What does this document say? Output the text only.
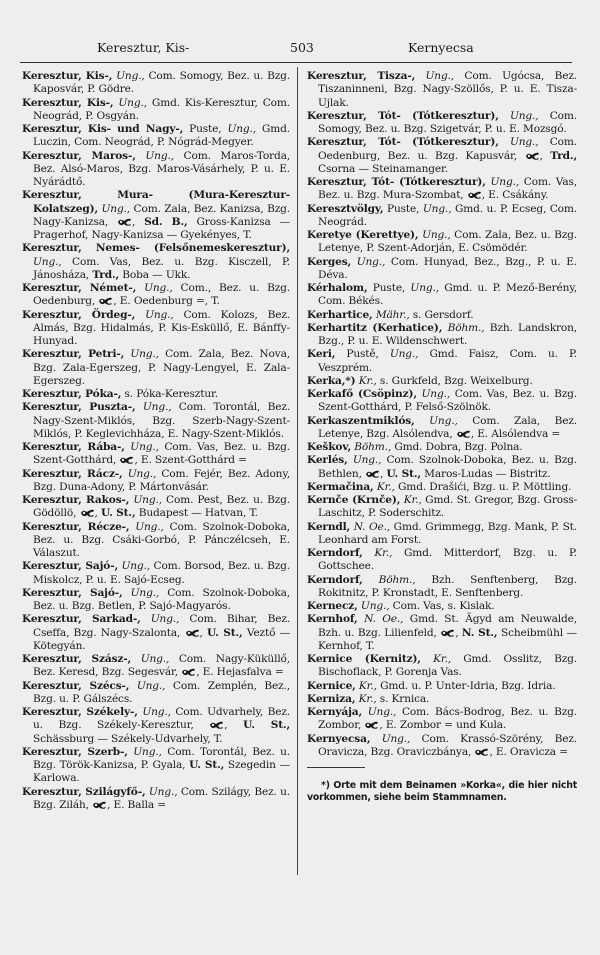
Keresztur, Kis-	503	Kernyecsa

Keresztur, Kis-, Ung., Com. Somogy, Bez. u. Bzg. Kaposvár, P. Gödre.

Keresztur, Kis-, Ung., Gmd. Kis-Keresztur, Com. Neográd, P. Osgyán.

Keresztur, Kis- und Nagy-, Puste, Ung., Gmd. Luczin, Com. Neográd, P. Nógrád-Megyer.

Keresztur, Maros-, Ung., Com. Maros-Torda, Bez. Alsó-Maros, Bzg. Maros-Vásárhely, P. u. E. Nyárádtő.

Keresztur, Mura- (Mura-Keresztur-Kolatszeg), Ung., Com. Zala, Bez. Kanizsa, Bzg. Nagy-Kanizsa, , Sd. B., Gross-Kanizsa — Pragerhof, Nagy-Kanizsa — Gyekényes, T.

Keresztur, Nemes- (Felsőnemeskeresztur), Ung., Com. Vas, Bez. u. Bzg. Kisczell, P. Jánosháza, Trd., Boba — Ukk.

Keresztur, Német-, Ung., Com., Bez. u. Bzg. Oedenburg, , E. Oedenburg =, T.

Keresztur, Ördeg-, Ung., Com. Kolozs, Bez. Almás, Bzg. Hidalmás, P. Kis-Esküllő, E. Bánffy-Hunyad.

Keresztur, Petri-, Ung., Com. Zala, Bez. Nova, Bzg. Zala-Egerszeg, P. Nagy-Lengyel, E. Zala-Egerszeg.

Keresztur, Póka-, s. Póka-Keresztur.

Keresztur, Puszta-, Ung., Com. Torontál, Bez. Nagy-Szent-Miklós, Bzg. Szerb-Nagy-Szent-Miklós, P. Keglevichháza, E. Nagy-Szent-Miklós.

Keresztur, Rába-, Ung., Com. Vas, Bez. u. Bzg. Szent-Gotthárd, , E. Szent-Gotthárd =

Keresztur, Rácz-, Ung., Com. Fejér, Bez. Adony, Bzg. Duna-Adony, P. Mártonvásár.

Keresztur, Rakos-, Ung., Com. Pest, Bez. u. Bzg. Gödöllö, , U. St., Budapest — Hatvan, T.

Keresztur, Récze-, Ung., Com. Szolnok-Doboka, Bez. u. Bzg. Csáki-Gorbó, P. Pánczélcseh, E. Válaszut.

Keresztur, Sajó-, Ung., Com. Borsod, Bez. u. Bzg. Miskolcz, P. u. E. Sajó-Ecseg.

Keresztur, Sajó-, Ung., Com. Szolnok-Doboka, Bez. u. Bzg. Betlen, P. Sajó-Magyarós.

Keresztur, Sarkad-, Ung., Com. Bihar, Bez. Cseffa, Bzg. Nagy-Szalonta, , U. St., Veztő — Kötegyán.

Keresztur, Szász-, Ung., Com. Nagy-Küküllő, Bez. Keresd, Bzg. Segesvár, , E. Hejasfalva =

Keresztur, Szécs-, Ung., Com. Zemplén, Bez., Bzg. u. P. Gálszécs.

Keresztur, Székely-, Ung., Com. Udvarhely, Bez. u. Bzg. Székely-Keresztur, , U. St., Schässburg — Székely-Udvarhely, T.

Keresztur, Szerb-, Ung., Com. Torontál, Bez. u. Bzg. Török-Kanizsa, P. Gyala, U. St., Szegedin — Karlowa.

Keresztur, Szilágyfő-, Ung., Com. Szilágy, Bez. u. Bzg. Ziláh, , E. Balla =

Keresztur, Tisza-, Ung., Com. Ugócsa, Bez. Tiszaninneni, Bzg. Nagy-Szöllős, P. u. E. Tisza-Ujlak.

Keresztur, Tót- (Tótkeresztur), Ung., Com. Somogy, Bez. u. Bzg. Szigetvár, P. u. E. Mozsgó.

Keresztur, Tót- (Tótkeresztur), Ung., Com. Oedenburg, Bez. u. Bzg. Kapusvár, , Trd., Csorna — Steinamanger.

Keresztur, Tót- (Tótkeresztur), Ung., Com. Vas, Bez. u. Bzg. Mura-Szombat, , E. Csákány.

Keresztvölgy, Puste, Ung., Gmd. u. P. Ecseg, Com. Neográd.

Keretye (Kerettye), Ung., Com. Zala, Bez. u. Bzg. Letenye, P. Szent-Adorján, E. Csömödér.

Kerges, Ung., Com. Hunyad, Bez., Bzg., P. u. E. Déva.

Kérhalom, Puste, Ung., Gmd. u. P. Mező-Berény, Com. Békés.

Kerhartice, Mähr., s. Gersdorf.

Kerhartitz (Kerhatice), Böhm., Bzh. Landskron, Bzg., P. u. E. Wildenschwert.

Keri, Pustě, Ung., Gmd. Faisz, Com. u. P. Veszprém.

Kerka,*) Kr., s. Gurkfeld, Bzg. Weixelburg.

Kerkafő (Csöpinz), Ung., Com. Vas, Bez. u. Bzg. Szent-Gotthárd, P. Felső-Szölnök.

Kerkaszentmiklós, Ung., Com. Zala, Bez. Letenye, Bzg. Alsólendva, , E. Alsólendva =

Keškov, Böhm., Gmd. Dobra, Bzg. Polna.

Kerlés, Ung., Com. Szolnok-Doboka, Bez. u. Bzg. Bethlen, , U. St., Maros-Ludas — Bistritz.

Kermačina, Kr., Gmd. Drašići, Bzg. u. P. Möttling.

Kernče (Krnče), Kr., Gmd. St. Gregor, Bzg. Gross-Laschitz, P. Soderschitz.

Kerndl, N. Oe., Gmd. Grimmegg, Bzg. Mank, P. St. Leonhard am Forst.

Kerndorf, Kr., Gmd. Mitterdorf, Bzg. u. P. Gottschee.

Kerndorf, Böhm., Bzh. Senftenberg, Bzg. Rokitnitz, P. Kronstadt, E. Senftenberg.

Kernecz, Ung., Com. Vas, s. Kislak.

Kernhof, N. Oe., Gmd. St. Ägyd am Neuwalde, Bzh. u. Bzg. Lilienfeld, , N. St., Scheibmühl — Kernhof, T.

Kernice (Kernitz), Kr., Gmd. Osslitz, Bzg. Bischoflack, P. Gorenja Vas.

Kernice, Kr., Gmd. u. P. Unter-Idria, Bzg. Idria.

Kerniza, Kr., s. Krnica.

Kernyája, Ung., Com. Bács-Bodrog, Bez. u. Bzg. Zombor, , E. Zombor = und Kula.

Kernyecsa, Ung., Com. Krassó-Szörény, Bez. Oravicza, Bzg. Oraviczbánya, , E. Oravicza =

*) Orte mit dem Beinamen »Korka«, die hier nicht vorkommen, siehe beim Stammnamen.
